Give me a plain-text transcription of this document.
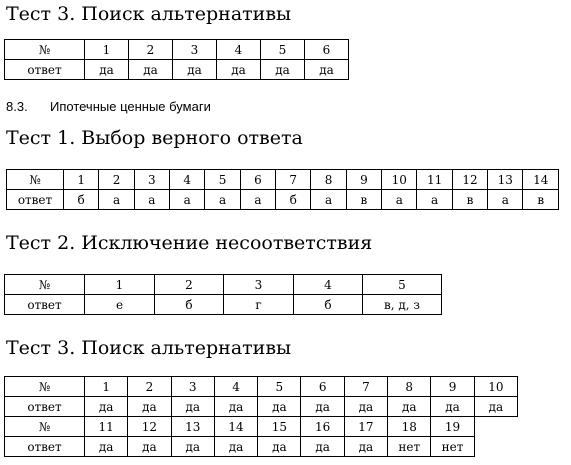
Тест 3. Поиск альтернативы
№	1	2	3	4	5	6
ответ	да	да	да	да	да	да
8.3. Ипотечные ценные бумаги
Тест 1. Выбор верного ответа
№	1	2	3	4	5	6	7	8	9	10	11	12	13	14
ответ	б	а	а	а	а	а	б	а	в	а	а	в	а	в
Тест 2. Исключение несоответствия
№	1	2	3	4	5
ответ	е	б	г	б	в, д, з
Тест 3. Поиск альтернативы
№	1	2	3	4	5	6	7	8	9	10
ответ	да	да	да	да	да	да	да	да	да	да
№	11	12	13	14	15	16	17	18	19	
ответ	да	да	да	да	да	да	да	нет	нет	
